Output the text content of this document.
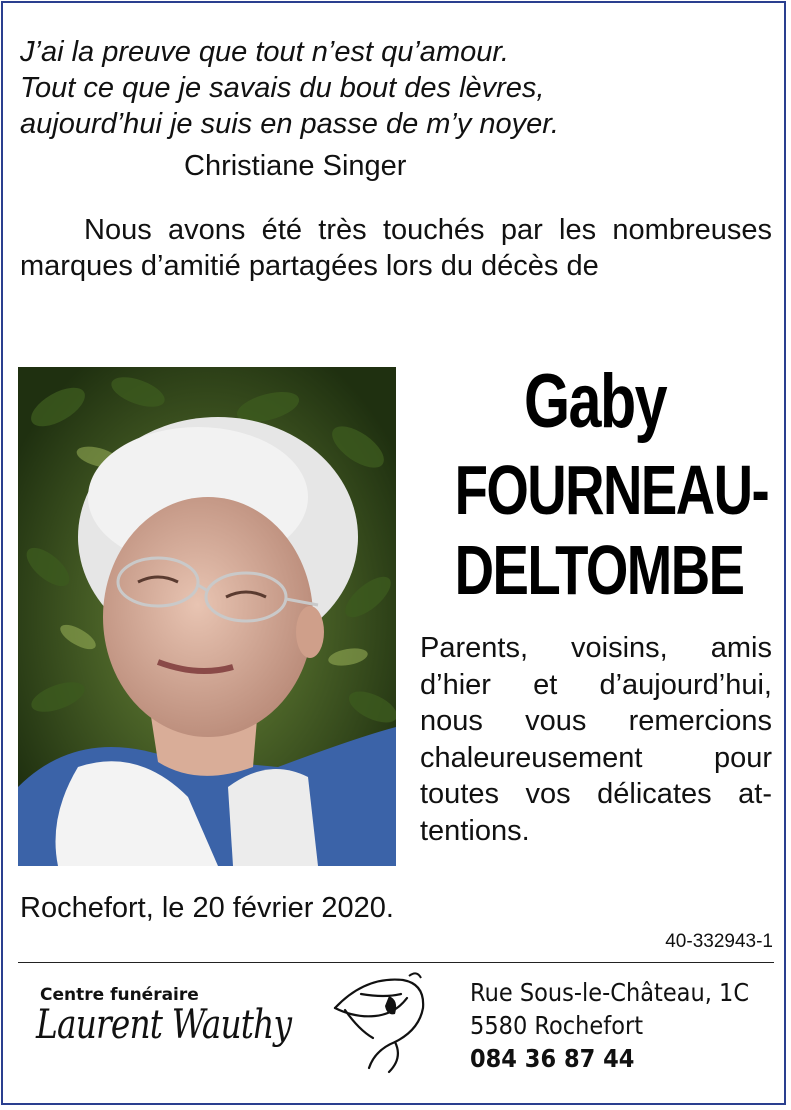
J’ai la preuve que tout n’est qu’amour.
Tout ce que je savais du bout des lèvres,
aujourd’hui je suis en passe de m’y noyer.
Christiane Singer
Nous avons été très touchés par les nombreuses marques d’amitié partagées lors du décès de
Gaby
FOURNEAU-
DELTOMBE
Parents, voisins, amis
d’hier et d’aujourd’hui,
nous vous remercions
chaleureusement pour
toutes vos délicates at-
tentions.
Rochefort, le 20 février 2020.
40-332943-1
Centre funéraire
Laurent Wauthy
Rue Sous-le-Château, 1C
5580 Rochefort
084 36 87 44
